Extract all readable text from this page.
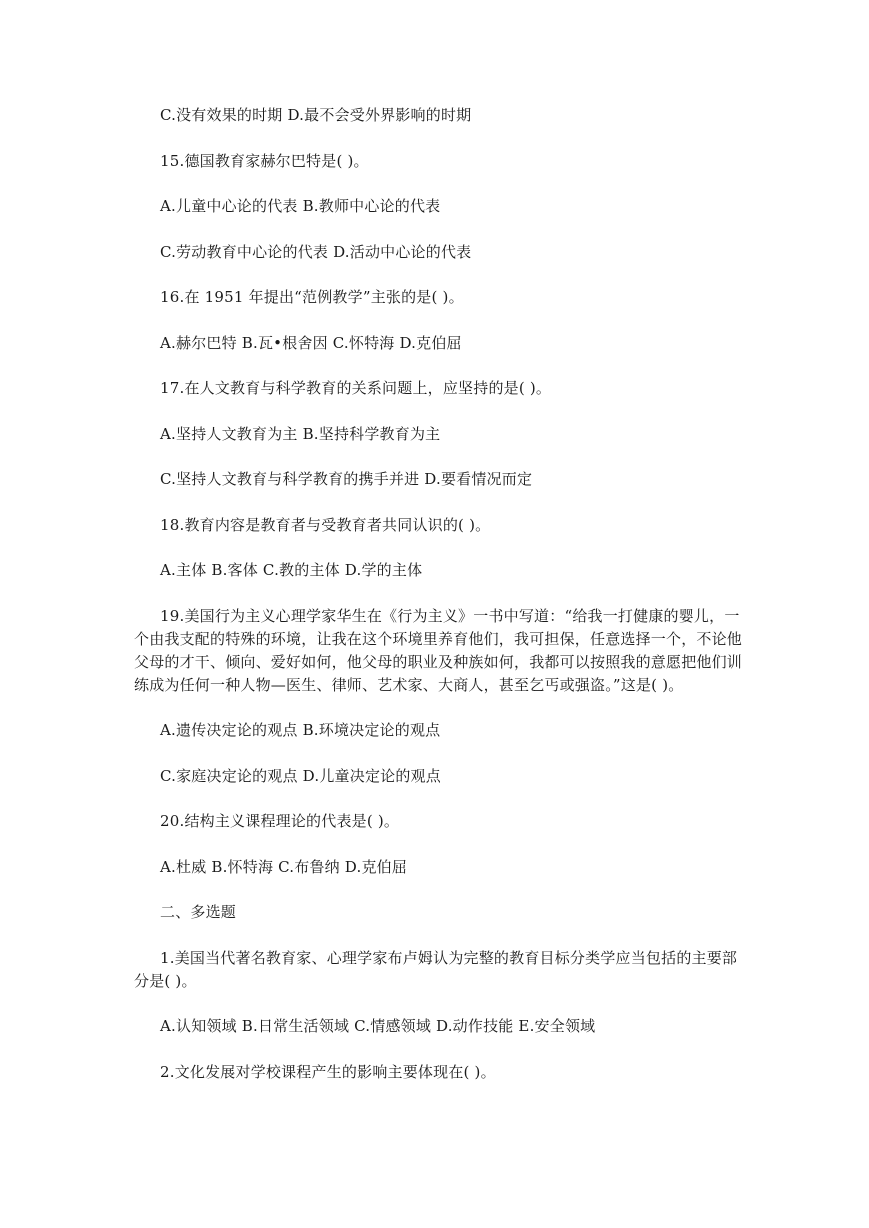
C.没有效果的时期 D.最不会受外界影响的时期
15.德国教育家赫尔巴特是( )。
A.儿童中心论的代表 B.教师中心论的代表
C.劳动教育中心论的代表 D.活动中心论的代表
16.在 1951 年提出“范例教学”主张的是( )。
A.赫尔巴特 B.瓦•根舍因 C.怀特海 D.克伯屈
17.在人文教育与科学教育的关系问题上，应坚持的是( )。
A.坚持人文教育为主 B.坚持科学教育为主
C.坚持人文教育与科学教育的携手并进 D.要看情况而定
18.教育内容是教育者与受教育者共同认识的( )。
A.主体 B.客体 C.教的主体 D.学的主体
19.美国行为主义心理学家华生在《行为主义》一书中写道：“给我一打健康的婴儿，一
个由我支配的特殊的环境，让我在这个环境里养育他们，我可担保，任意选择一个，不论他
父母的才干、倾向、爱好如何，他父母的职业及种族如何，我都可以按照我的意愿把他们训
练成为任何一种人物—医生、律师、艺术家、大商人，甚至乞丐或强盗。”这是( )。
A.遗传决定论的观点 B.环境决定论的观点
C.家庭决定论的观点 D.儿童决定论的观点
20.结构主义课程理论的代表是( )。
A.杜威 B.怀特海 C.布鲁纳 D.克伯屈
二、多选题
1.美国当代著名教育家、心理学家布卢姆认为完整的教育目标分类学应当包括的主要部
分是( )。
A.认知领域 B.日常生活领域 C.情感领域 D.动作技能 E.安全领域
2.文化发展对学校课程产生的影响主要体现在( )。
